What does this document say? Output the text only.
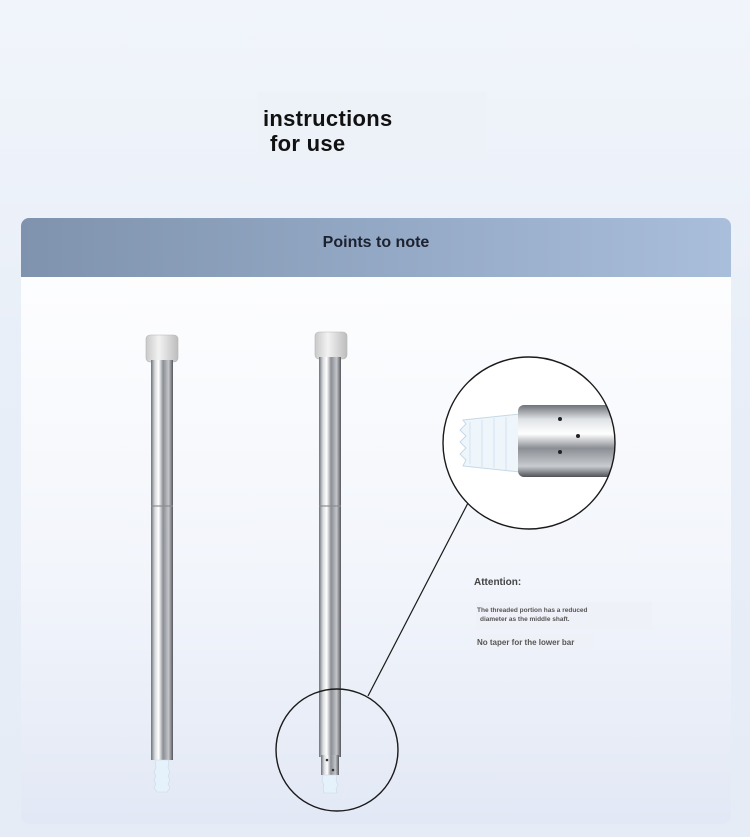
instructions
for use
Points to note
Attention:
The threaded portion has a reduced
diameter as the middle shaft.
No taper for the lower bar
